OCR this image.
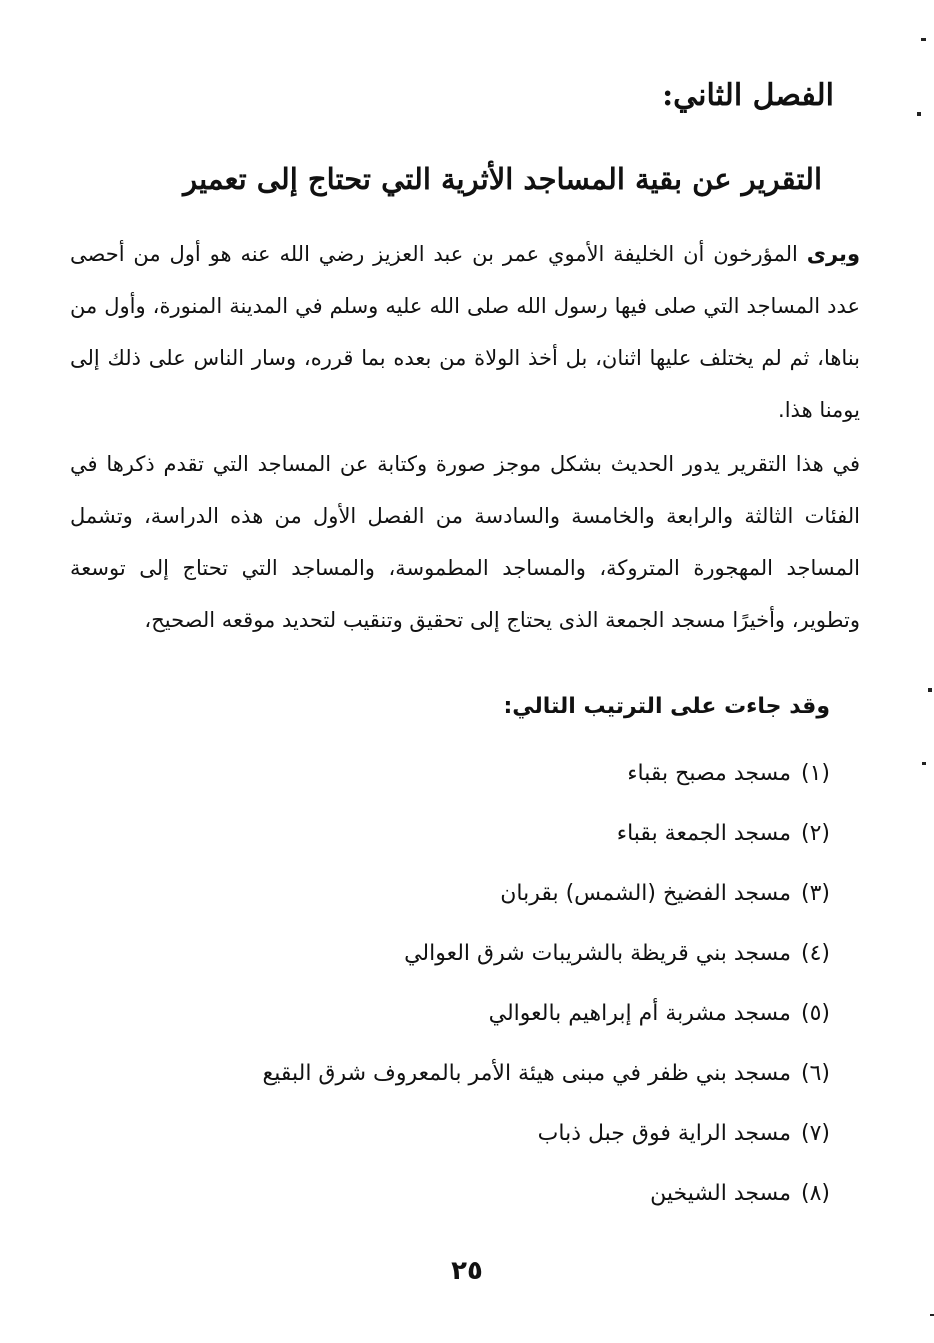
الفصل الثاني:
التقرير عن بقية المساجد الأثرية التي تحتاج إلى تعمير

ويرى المؤرخون أن الخليفة الأموي عمر بن عبد العزيز رضي الله عنه هو أول من أحصى عدد المساجد التي صلى فيها رسول الله صلى الله عليه وسلم في المدينة المنورة، وأول من بناها، ثم لم يختلف عليها اثنان، بل أخذ الولاة من بعده بما قرره، وسار الناس على ذلك إلى يومنا هذا.

في هذا التقرير يدور الحديث بشكل موجز صورة وكتابة عن المساجد التي تقدم ذكرها في الفئات الثالثة والرابعة والخامسة والسادسة من الفصل الأول من هذه الدراسة، وتشمل المساجد المهجورة المتروكة، والمساجد المطموسة، والمساجد التي تحتاج إلى توسعة وتطوير، وأخيرًا مسجد الجمعة الذى يحتاج إلى تحقيق وتنقيب لتحديد موقعه الصحيح،

وقد جاءت على الترتيب التالي:
(١)مسجد مصبح بقباء
(٢)مسجد الجمعة بقباء
(٣)مسجد الفضيخ (الشمس) بقربان
(٤)مسجد بني قريظة بالشريبات شرق العوالي
(٥)مسجد مشربة أم إبراهيم بالعوالي
(٦)مسجد بني ظفر في مبنى هيئة الأمر بالمعروف شرق البقيع
(٧)مسجد الراية فوق جبل ذباب
(٨)مسجد الشيخين
٢٥
